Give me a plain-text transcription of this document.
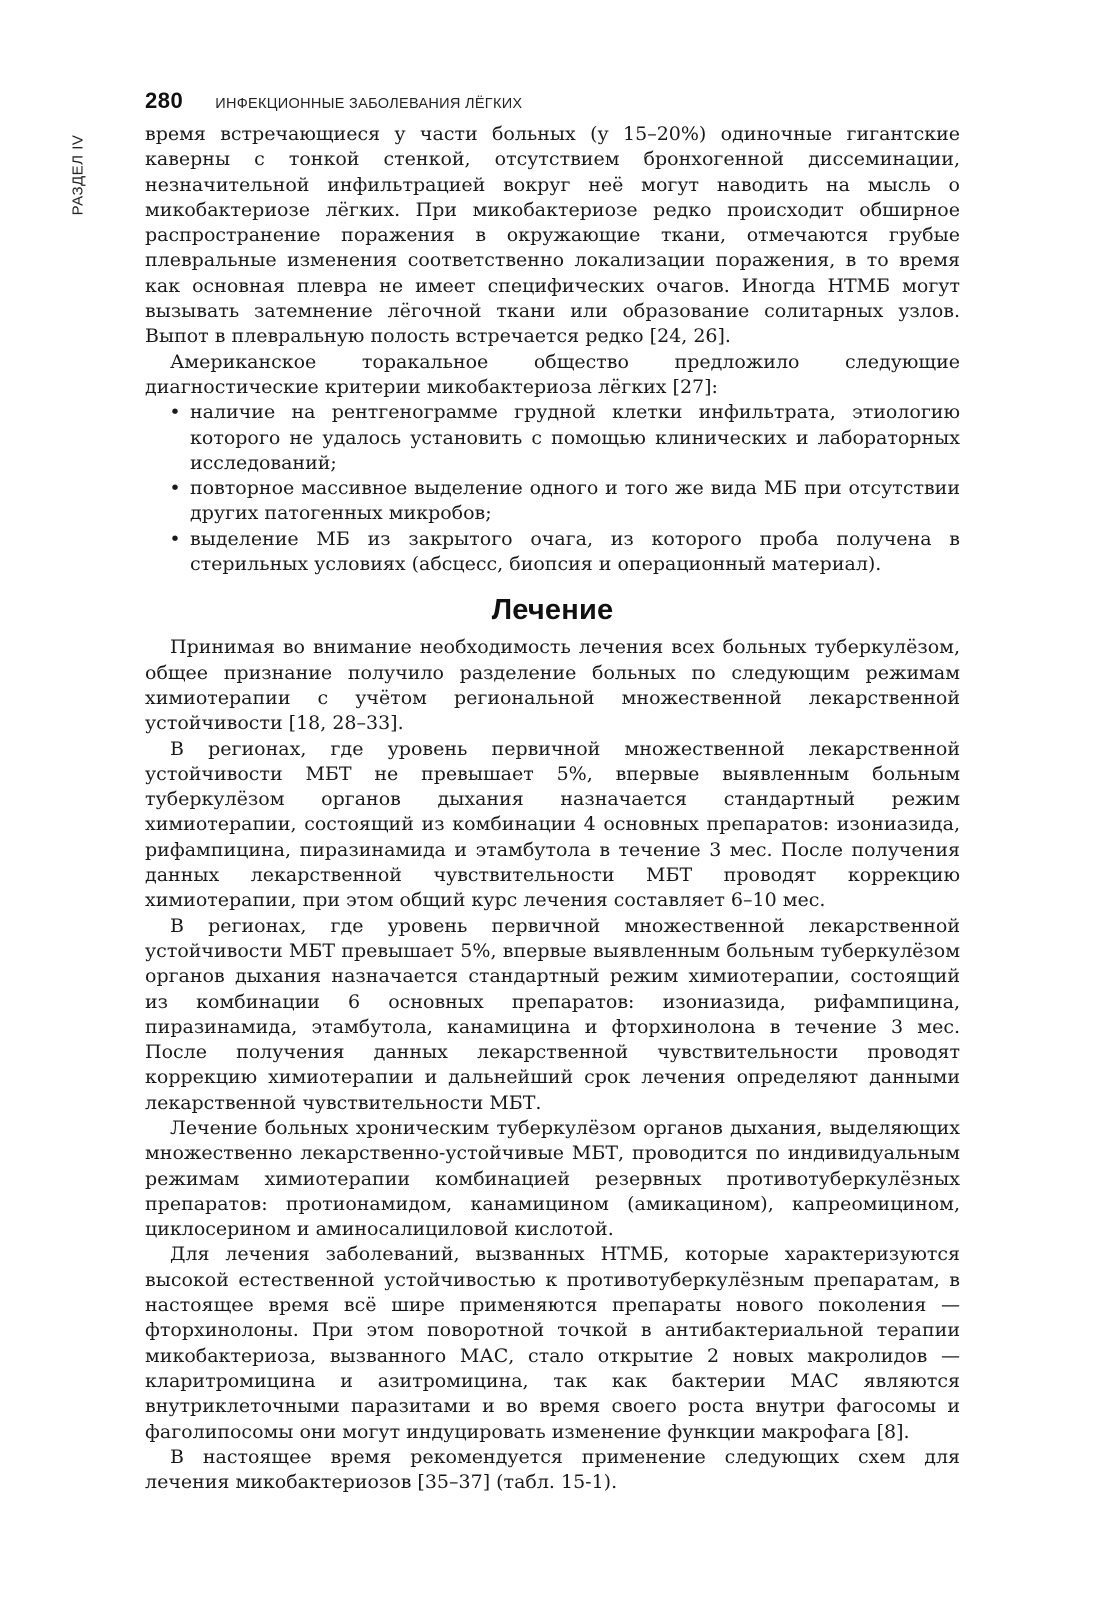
РАЗДЕЛ IV
280 ИНФЕКЦИОННЫЕ ЗАБОЛЕВАНИЯ ЛЁГКИХ

время встречающиеся у части больных (у 15–20%) одиночные гигантские каверны с тонкой стенкой, отсутствием бронхогенной диссеминации, незначительной инфильтрацией вокруг неё могут наводить на мысль о микобактериозе лёгких. При микобактериозе редко происходит обширное распространение поражения в окружающие ткани, отмечаются грубые плевральные изменения соответственно локализации поражения, в то время как основная плевра не имеет специфических очагов. Иногда НТМБ могут вызывать затемнение лёгочной ткани или образование солитарных узлов. Выпот в плевральную полость встречается редко [24, 26].

Американское торакальное общество предложило следующие диагностические критерии микобактериоза лёгких [27]:

• наличие на рентгенограмме грудной клетки инфильтрата, этиологию которого не удалось установить с помощью клинических и лабораторных исследований;
• повторное массивное выделение одного и того же вида МБ при отсутствии других патогенных микробов;
• выделение МБ из закрытого очага, из которого проба получена в стерильных условиях (абсцесс, биопсия и операционный материал).
Лечение

Принимая во внимание необходимость лечения всех больных туберкулёзом, общее признание получило разделение больных по следующим режимам химиотерапии с учётом региональной множественной лекарственной устойчивости [18, 28–33].

В регионах, где уровень первичной множественной лекарственной устойчивости МБТ не превышает 5%, впервые выявленным больным туберкулёзом органов дыхания назначается стандартный режим химиотерапии, состоящий из комбинации 4 основных препаратов: изониазида, рифампицина, пиразинамида и этамбутола в течение 3 мес. После получения данных лекарственной чувствительности МБТ проводят коррекцию химиотерапии, при этом общий курс лечения составляет 6–10 мес.

В регионах, где уровень первичной множественной лекарственной устойчивости МБТ превышает 5%, впервые выявленным больным туберкулёзом органов дыхания назначается стандартный режим химиотерапии, состоящий из комбинации 6 основных препаратов: изониазида, рифампицина, пиразинамида, этамбутола, канамицина и фторхинолона в течение 3 мес. После получения данных лекарственной чувствительности проводят коррекцию химиотерапии и дальнейший срок лечения определяют данными лекарственной чувствительности МБТ.

Лечение больных хроническим туберкулёзом органов дыхания, выделяющих множественно лекарственно-устойчивые МБТ, проводится по индивидуальным режимам химиотерапии комбинацией резервных противотуберкулёзных препаратов: протионамидом, канамицином (амикацином), капреомицином, циклосерином и аминосалициловой кислотой.

Для лечения заболеваний, вызванных НТМБ, которые характеризуются высокой естественной устойчивостью к противотуберкулёзным препаратам, в настоящее время всё шире применяются препараты нового поколения — фторхинолоны. При этом поворотной точкой в антибактериальной терапии микобактериоза, вызванного МАС, стало открытие 2 новых макролидов — кларитромицина и азитромицина, так как бактерии МАС являются внутриклеточными паразитами и во время своего роста внутри фагосомы и фаголипосомы они могут индуцировать изменение функции макрофага [8].

В настоящее время рекомендуется применение следующих схем для лечения микобактериозов [35–37] (табл. 15-1).
